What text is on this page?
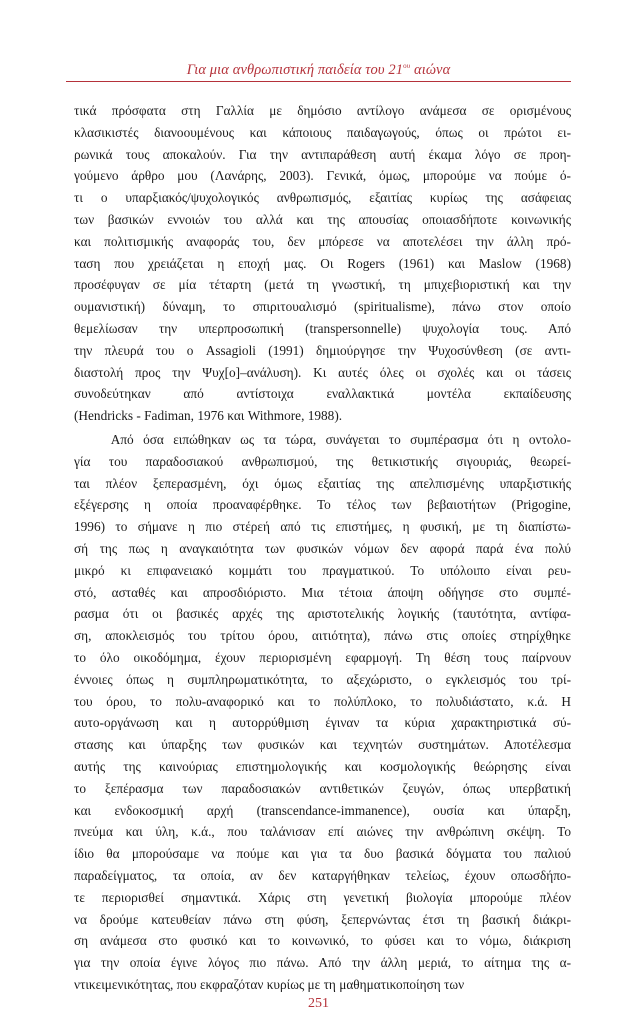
Για μια ανθρωπιστική παιδεία του $21^{o\upsilon}$ αιώνα
τικά πρόσφατα στη Γαλλία με δημόσιο αντίλογο ανάμεσα σε ορισμένους
κλασικιστές διανοουμένους και κάποιους παιδαγωγούς, όπως οι πρώτοι ει-
ρωνικά τους αποκαλούν. Για την αντιπαράθεση αυτή έκαμα λόγο σε προη-
γούμενο άρθρο μου (Λανάρης, 2003). Γενικά, όμως, μπορούμε να πούμε ό-
τι ο υπαρξιακός/ψυχολογικός ανθρωπισμός, εξαιτίας κυρίως της ασάφειας
των βασικών εννοιών του αλλά και της απουσίας οποιασδήποτε κοινωνικής
και πολιτισμικής αναφοράς του, δεν μπόρεσε να αποτελέσει την άλλη πρό-
ταση που χρειάζεται η εποχή μας. Οι Rogers (1961) και Maslow (1968)
προσέφυγαν σε μία τέταρτη (μετά τη γνωστική, τη μπιχεβιοριστική και την
ουμανιστική) δύναμη, το σπιριτουαλισμό (spiritualisme), πάνω στον οποίο
θεμελίωσαν την υπερπροσωπική (transpersonnelle) ψυχολογία τους. Από
την πλευρά του ο Assagioli (1991) δημιούργησε την Ψυχοσύνθεση (σε αντι-
διαστολή προς την Ψυχ[ο]–ανάλυση). Κι αυτές όλες οι σχολές και οι τάσεις
συνοδεύτηκαν από αντίστοιχα εναλλακτικά μοντέλα εκπαίδευσης
(Hendricks - Fadiman, 1976 και Withmore, 1988).
Από όσα ειπώθηκαν ως τα τώρα, συνάγεται το συμπέρασμα ότι η οντολο-
γία του παραδοσιακού ανθρωπισμού, της θετικιστικής σιγουριάς, θεωρεί-
ται πλέον ξεπερασμένη, όχι όμως εξαιτίας της απελπισμένης υπαρξιστικής
εξέγερσης η οποία προαναφέρθηκε. Το τέλος των βεβαιοτήτων (Prigogine,
1996) το σήμανε η πιο στέρεή από τις επιστήμες, η φυσική, με τη διαπίστω-
σή της πως η αναγκαιότητα των φυσικών νόμων δεν αφορά παρά ένα πολύ
μικρό κι επιφανειακό κομμάτι του πραγματικού. Το υπόλοιπο είναι ρευ-
στό, ασταθές και απροσδιόριστο. Μια τέτοια άποψη οδήγησε στο συμπέ-
ρασμα ότι οι βασικές αρχές της αριστοτελικής λογικής (ταυτότητα, αντίφα-
ση, αποκλεισμός του τρίτου όρου, αιτιότητα), πάνω στις οποίες στηρίχθηκε
το όλο οικοδόμημα, έχουν περιορισμένη εφαρμογή. Τη θέση τους παίρνουν
έννοιες όπως η συμπληρωματικότητα, το αξεχώριστο, ο εγκλεισμός του τρί-
του όρου, το πολυ-αναφορικό και το πολύπλοκο, το πολυδιάστατο, κ.ά. Η
αυτο-οργάνωση και η αυτορρύθμιση έγιναν τα κύρια χαρακτηριστικά σύ-
στασης και ύπαρξης των φυσικών και τεχνητών συστημάτων. Αποτέλεσμα
αυτής της καινούριας επιστημολογικής και κοσμολογικής θεώρησης είναι
το ξεπέρασμα των παραδοσιακών αντιθετικών ζευγών, όπως υπερβατική
και ενδοκοσμική αρχή (transcendance-immanence), ουσία και ύπαρξη,
πνεύμα και ύλη, κ.ά., που ταλάνισαν επί αιώνες την ανθρώπινη σκέψη. Το
ίδιο θα μπορούσαμε να πούμε και για τα δυο βασικά δόγματα του παλιού
παραδείγματος, τα οποία, αν δεν καταργήθηκαν τελείως, έχουν οπωσδήπο-
τε περιορισθεί σημαντικά. Χάρις στη γενετική βιολογία μπορούμε πλέον
να δρούμε κατευθείαν πάνω στη φύση, ξεπερνώντας έτσι τη βασική διάκρι-
ση ανάμεσα στο φυσικό και το κοινωνικό, το φύσει και το νόμω, διάκριση
για την οποία έγινε λόγος πιο πάνω. Από την άλλη μεριά, το αίτημα της α-
ντικειμενικότητας, που εκφραζόταν κυρίως με τη μαθηματικοποίηση των
251
